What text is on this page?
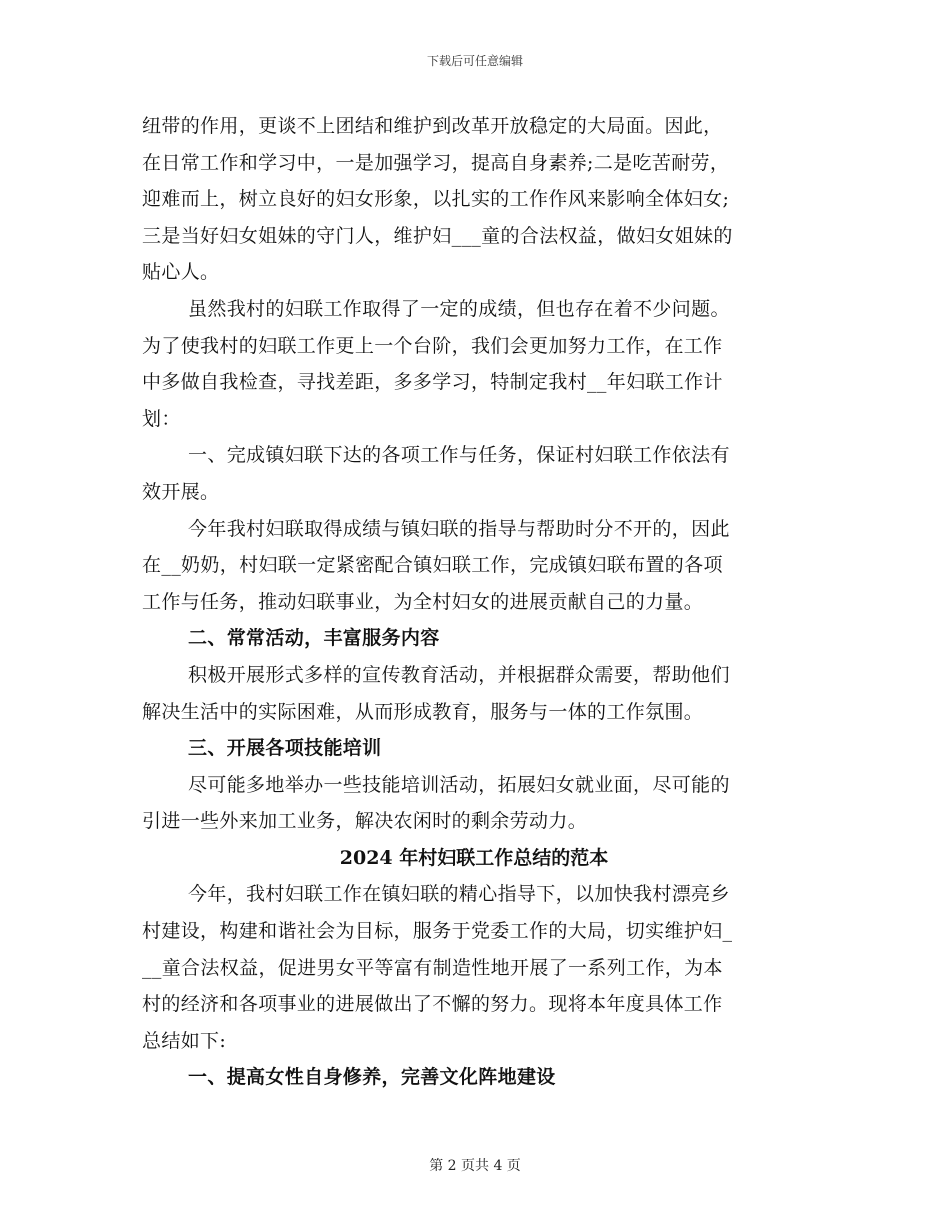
下载后可任意编辑
纽带的作用，更谈不上团结和维护到改革开放稳定的大局面。因此，
在日常工作和学习中，一是加强学习，提高自身素养;二是吃苦耐劳，
迎难而上，树立良好的妇女形象，以扎实的工作作风来影响全体妇女;
三是当好妇女姐妹的守门人，维护妇___童的合法权益，做妇女姐妹的
贴心人。
虽然我村的妇联工作取得了一定的成绩，但也存在着不少问题。
为了使我村的妇联工作更上一个台阶，我们会更加努力工作，在工作
中多做自我检查，寻找差距，多多学习，特制定我村__年妇联工作计
划：
一、完成镇妇联下达的各项工作与任务，保证村妇联工作依法有
效开展。
今年我村妇联取得成绩与镇妇联的指导与帮助时分不开的，因此
在__奶奶，村妇联一定紧密配合镇妇联工作，完成镇妇联布置的各项
工作与任务，推动妇联事业，为全村妇女的进展贡献自己的力量。
二、常常活动，丰富服务内容
积极开展形式多样的宣传教育活动，并根据群众需要，帮助他们
解决生活中的实际困难，从而形成教育，服务与一体的工作氛围。
三、开展各项技能培训
尽可能多地举办一些技能培训活动，拓展妇女就业面，尽可能的
引进一些外来加工业务，解决农闲时的剩余劳动力。
2024 年村妇联工作总结的范本
今年，我村妇联工作在镇妇联的精心指导下，以加快我村漂亮乡
村建设，构建和谐社会为目标，服务于党委工作的大局，切实维护妇_
__童合法权益，促进男女平等富有制造性地开展了一系列工作，为本
村的经济和各项事业的进展做出了不懈的努力。现将本年度具体工作
总结如下:
一、提高女性自身修养，完善文化阵地建设
第 2 页共 4 页
